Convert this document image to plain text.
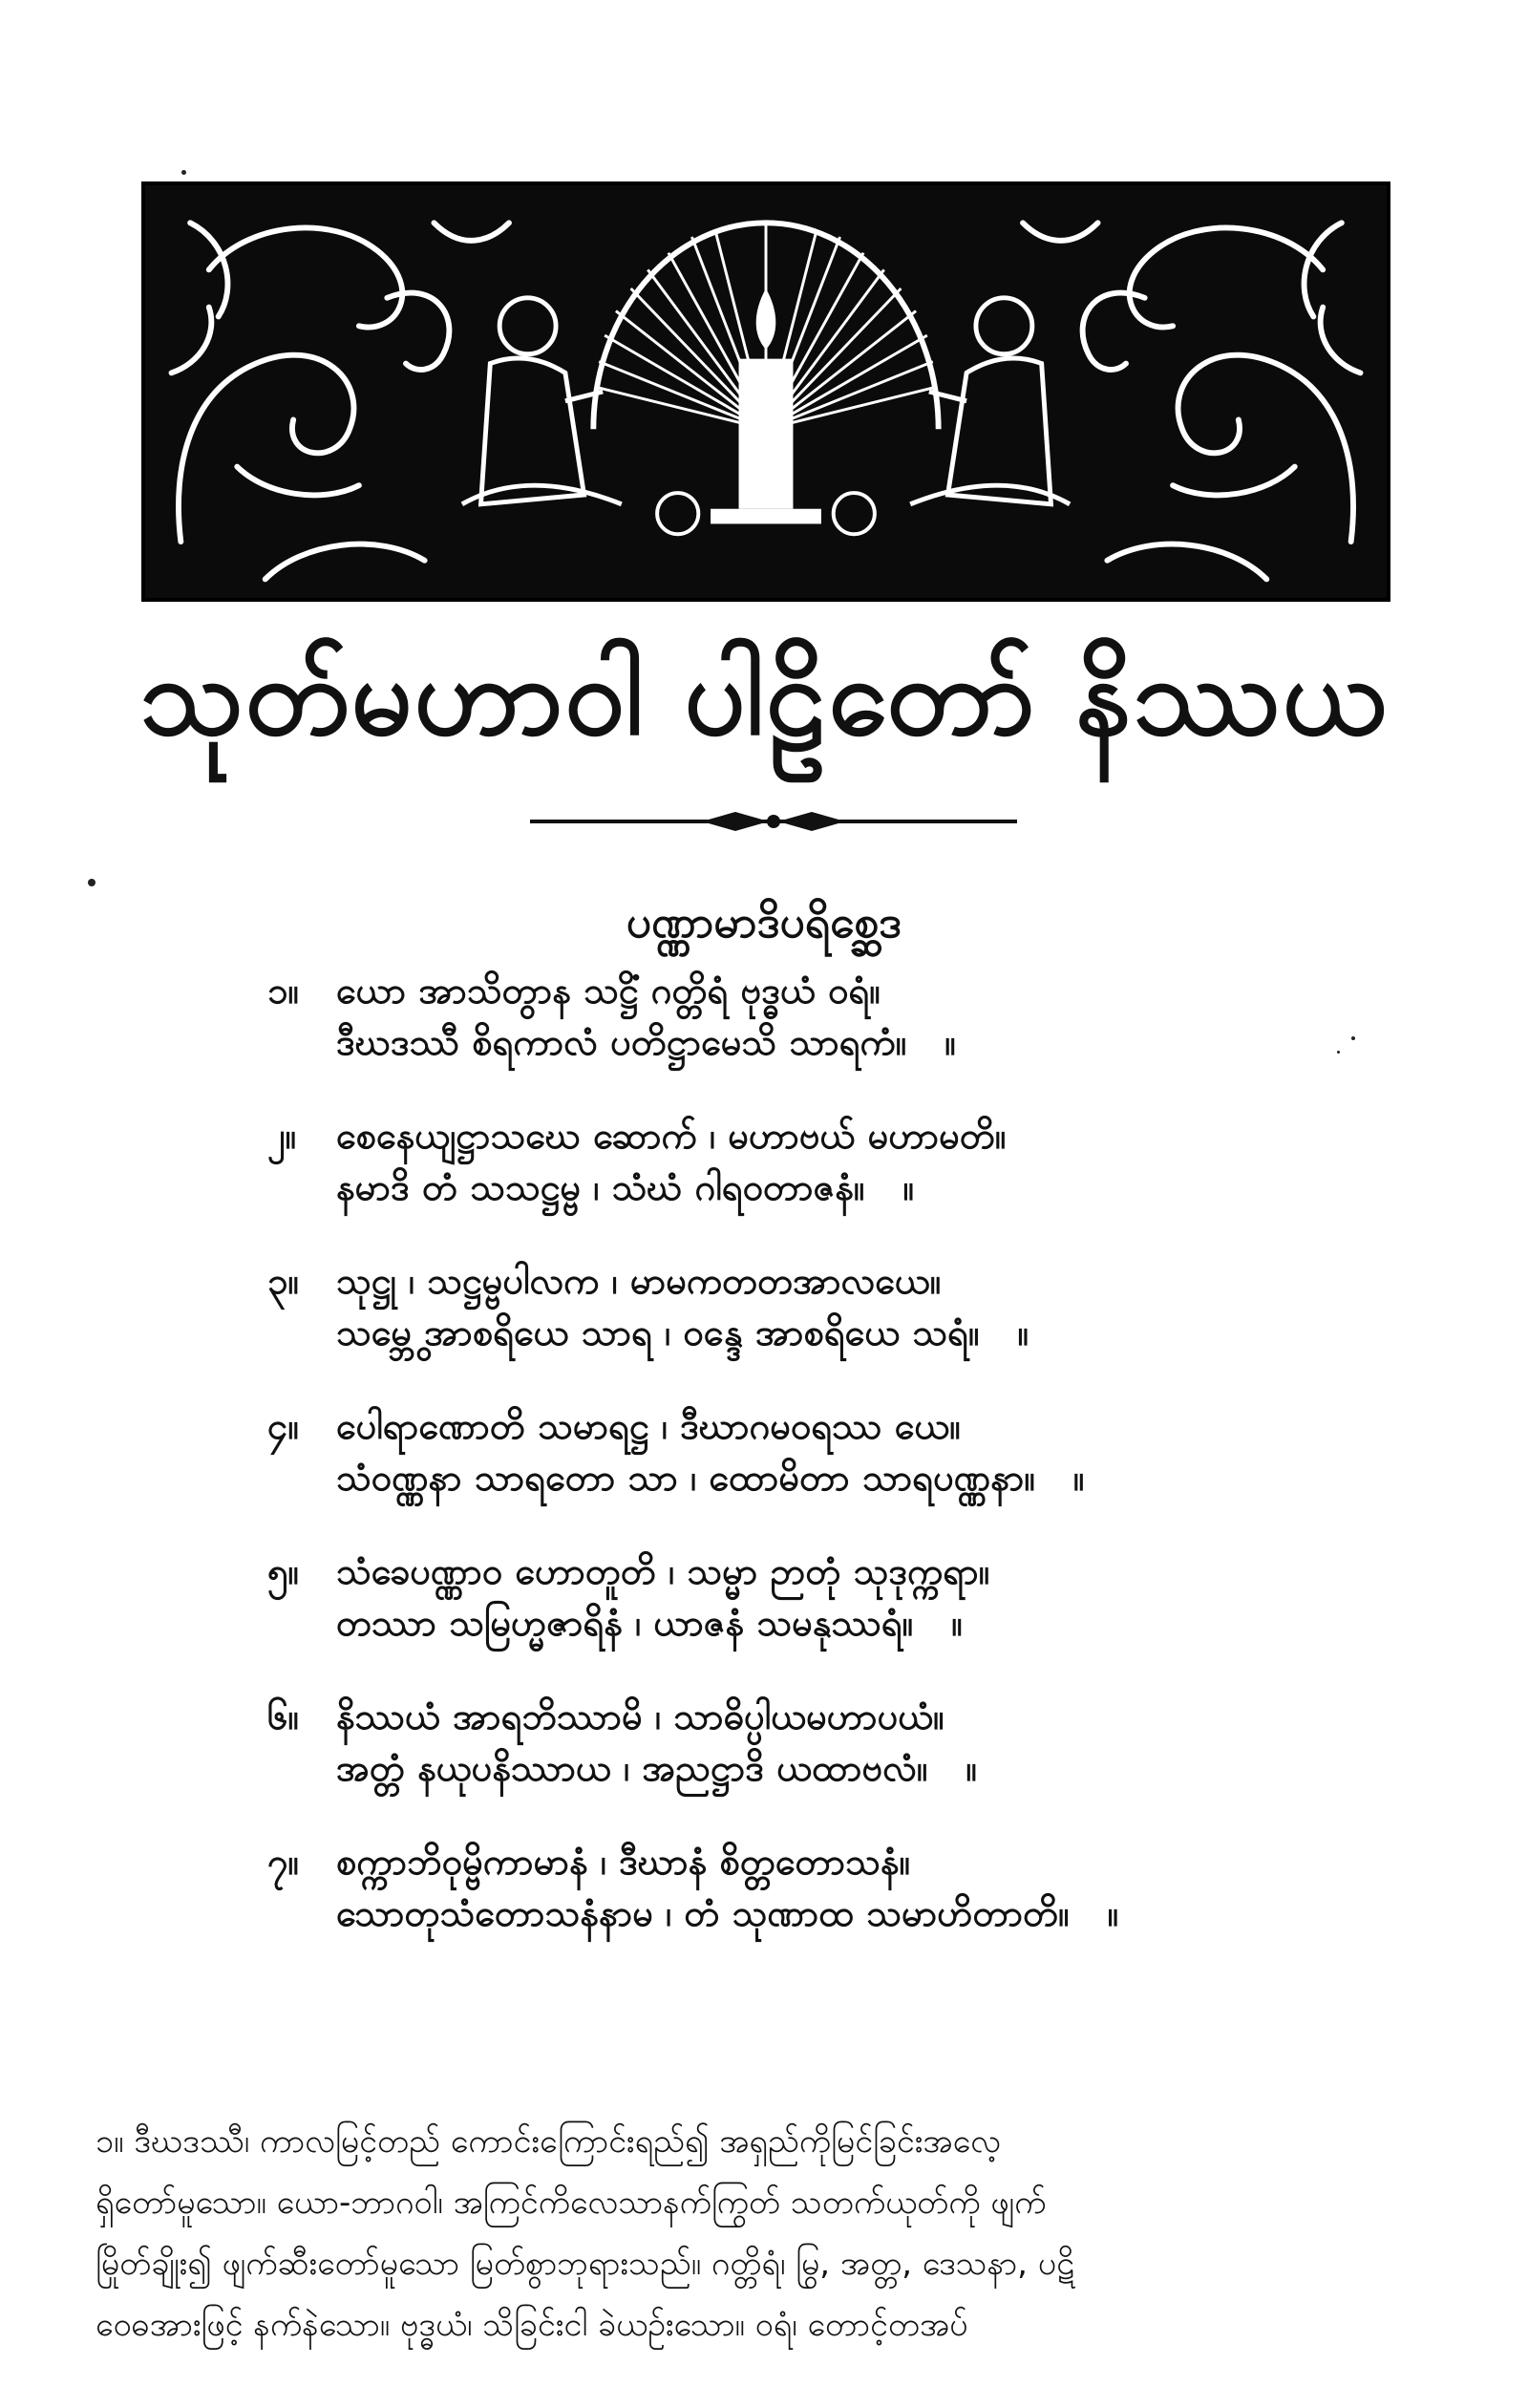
သုတ်မဟာဝါ ပါဠိတော် နိဿယ
ပဏ္ဏာမာဒိပရိစ္ဆေဒ
၁။	ယော အာသိတွာန သဋ္ဌိံ ဂတ္တိရံ ဗုဒ္ဓယံ ဝရံ။
ဒီဃဒဿီ စိရကာလံ ပတိဋ္ဌာမေသိ သာရကံ။ ။
၂။	စေနေယျဋ္ဌာသဃေ ဆောက် ၊ မဟာဗယ် မဟာမတိ။
နမာဒိ တံ သသဋ္ဌမ္ဗ ၊ သံဃံ ဂါရဝတာဇနံ။ ။
၃။	သုဋ္ဌု ၊ သဋ္ဌမ္ဗပါလက ၊ မာမကတတအာလယေ။
သမ္ဘွေ အာစရိယေ သာရ ၊ ဝန္ဒေ အာစရိယေ သရံ။ ။
၄။	ပေါရာဏောတိ သမာရဋ္ဌ ၊ ဒီဃာဂမဝရဿ ယေ။
သံဝဏ္ဏနာ သာရတော သာ ၊ ထောမိတာ သာရပဏ္ဏနာ။ ။
၅။	သံခေပဏ္ဏာဝ ဟောတူတိ ၊ သမ္မာ ဉာတုံ သုဒုက္ကရာ။
တဿာ သမြဟ္မဇာရိနံ ၊ ယာဇနံ သမနုဿရံ။ ။
၆။	နိဿယံ အာရဘိဿာမိ ၊ သာဓိပ္ပါယမဟာပယံ။
အတ္တံ နယုပနိဿာယ ၊ အညဋ္ဌာဒိ ယထာဗလံ။ ။
၇။	စက္ကာဘိဝုမ္ဗိကာမာနံ ၊ ဒီဃာနံ စိတ္တတောသနံ။
သောတုသံတောသနံနာမ ၊ တံ သုဏာထ သမာဟိတာတိ။ ။

၁။ ဒီဃဒဿီ၊ ကာလမြင့်တည် ကောင်းကြောင်းရည်၍ အရှည်ကိုမြင်ခြင်းအလေ့

ရှိတော်မူသော။ ယော-ဘာဂဝါ၊ အကြင်ကိလေသာနက်ကြွတ် သတက်ယုတ်ကို ဖျက်

မြိုတ်ချိုး၍ ဖျက်ဆီးတော်မူသော မြတ်စွာဘုရားသည်။ ဂတ္တိရံ၊ မြွ, အတ္တ, ဒေသနာ, ပဋိ

ဝေဓအားဖြင့် နက်နဲသော။ ဗုဒ္ဓယံ၊ သိခြင်းငါ ခဲယဉ်းသော။ ဝရံ၊ တောင့်တအပ်
